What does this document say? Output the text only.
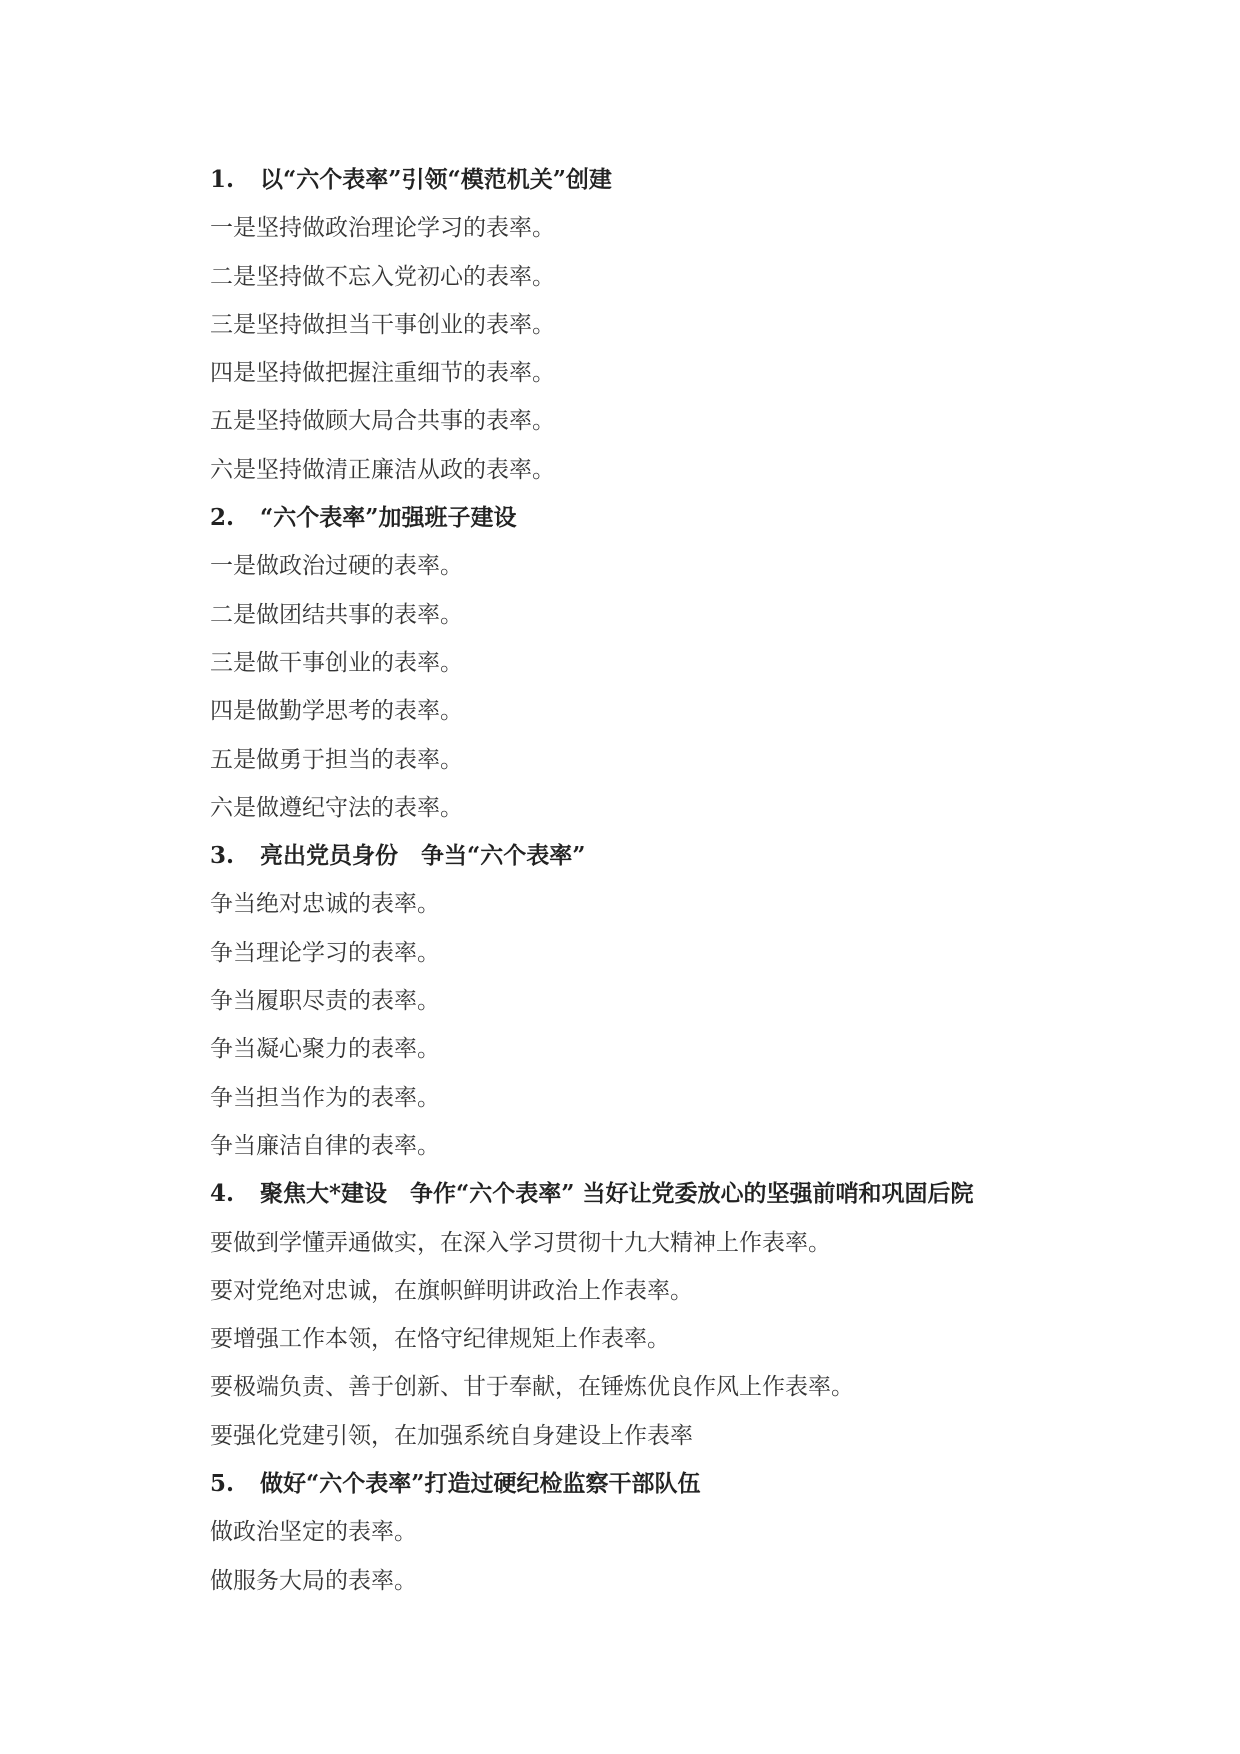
1. 以“六个表率”引领“模范机关”创建
一是坚持做政治理论学习的表率。
二是坚持做不忘入党初心的表率。
三是坚持做担当干事创业的表率。
四是坚持做把握注重细节的表率。
五是坚持做顾大局合共事的表率。
六是坚持做清正廉洁从政的表率。
2. “六个表率”加强班子建设
一是做政治过硬的表率。
二是做团结共事的表率。
三是做干事创业的表率。
四是做勤学思考的表率。
五是做勇于担当的表率。
六是做遵纪守法的表率。
3. 亮出党员身份　争当“六个表率”
争当绝对忠诚的表率。
争当理论学习的表率。
争当履职尽责的表率。
争当凝心聚力的表率。
争当担当作为的表率。
争当廉洁自律的表率。
4. 聚焦大*建设　争作“六个表率” 当好让党委放心的坚强前哨和巩固后院
要做到学懂弄通做实，在深入学习贯彻十九大精神上作表率。
要对党绝对忠诚，在旗帜鲜明讲政治上作表率。
要增强工作本领，在恪守纪律规矩上作表率。
要极端负责、善于创新、甘于奉献，在锤炼优良作风上作表率。
要强化党建引领，在加强系统自身建设上作表率
5. 做好“六个表率”打造过硬纪检监察干部队伍
做政治坚定的表率。
做服务大局的表率。
